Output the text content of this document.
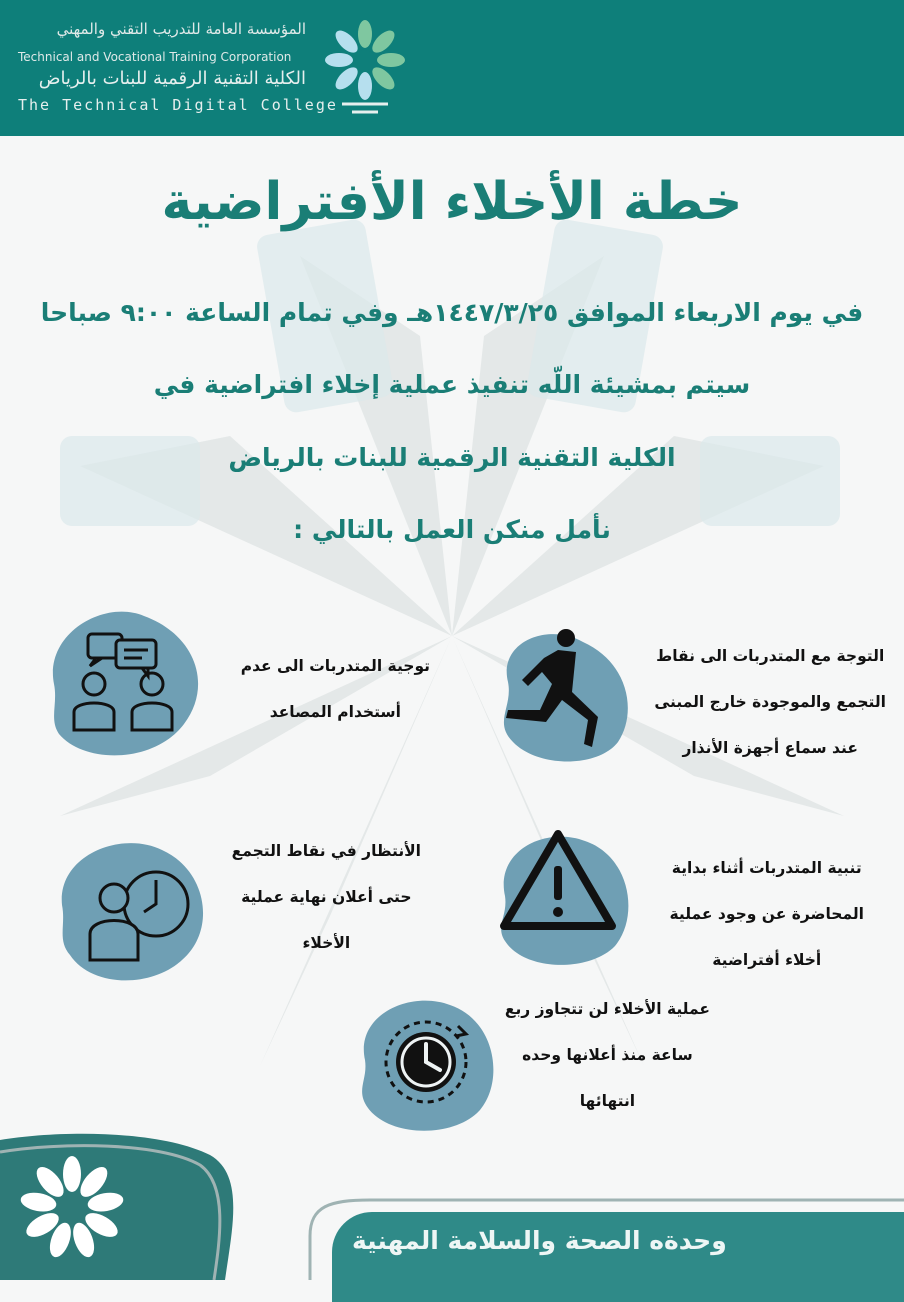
المؤسسة العامة للتدريب التقني والمهني
Technical and Vocational Training Corporation
الكلية التقنية الرقمية للبنات بالرياض
The Technical Digital College
خطة الأخلاء الأفتراضية
في يوم الاربعاء الموافق ١٤٤٧/٣/٢٥هـ وفي تمام الساعة ٩:٠٠ صباحا
سيتم بمشيئة اللّه تنفيذ عملية إخلاء افتراضية في
الكلية التقنية الرقمية للبنات بالرياض
نأمل منكن العمل بالتالي :
التوجة مع المتدربات الى نقاط
التجمع والموجودة خارج المبنى
عند سماع أجهزة الأنذار
توجية المتدربات الى عدم
أستخدام المصاعد
تنبية المتدربات أثناء بداية
المحاضرة عن وجود عملية
أخلاء أفتراضية
الأنتظار في نقاط التجمع
حتى أعلان نهاية عملية
الأخلاء
عملية الأخلاء لن تتجاوز ربع
ساعة منذ أعلانها وحده
انتهائها
وحدةه الصحة والسلامة المهنية
